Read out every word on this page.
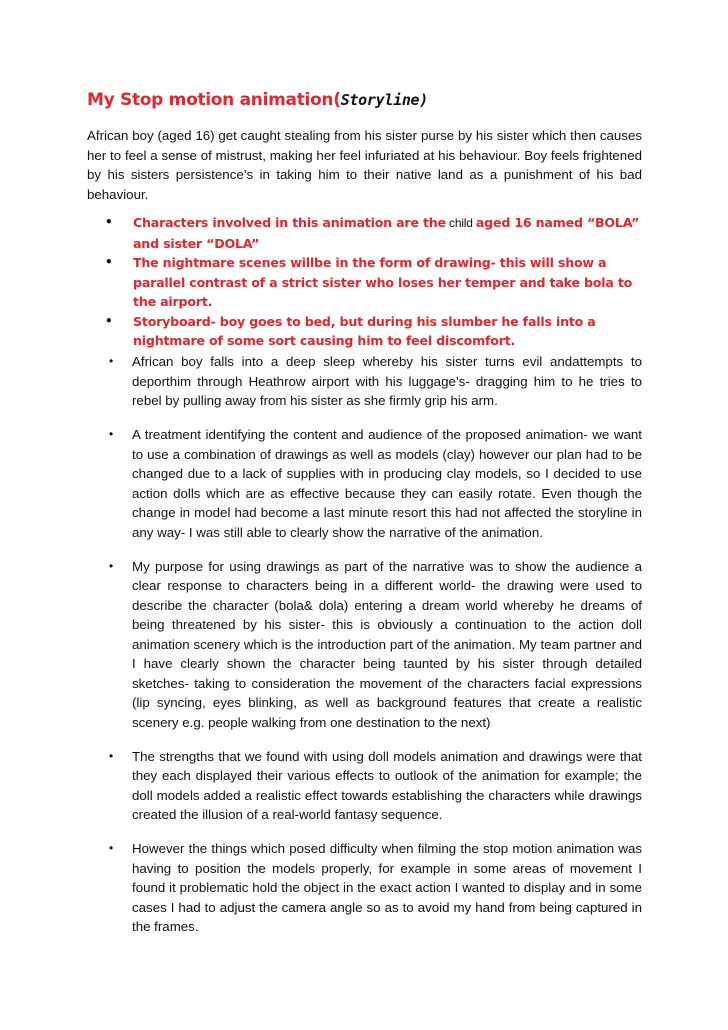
My Stop motion animation(Storyline)

African boy (aged 16) get caught stealing from his sister purse by his sister which then causes her to feel a sense of mistrust, making her feel infuriated at his behaviour. Boy feels frightened by his sisters persistence’s in taking him to their native land as a punishment of his bad behaviour.

• Characters involved in this animation are the child aged 16 named “BOLA” and sister “DOLA”
• The nightmare scenes willbe in the form of drawing- this will show a parallel contrast of a strict sister who loses her temper and take bola to the airport.
• Storyboard- boy goes to bed, but during his slumber he falls into a nightmare of some sort causing him to feel discomfort.
• African boy falls into a deep sleep whereby his sister turns evil andattempts to deporthim through Heathrow airport with his luggage’s- dragging him to he tries to rebel by pulling away from his sister as she firmly grip his arm.
• A treatment identifying the content and audience of the proposed animation- we want to use a combination of drawings as well as models (clay) however our plan had to be changed due to a lack of supplies with in producing clay models, so I decided to use action dolls which are as effective because they can easily rotate. Even though the change in model had become a last minute resort this had not affected the storyline in any way- I was still able to clearly show the narrative of the animation.
• My purpose for using drawings as part of the narrative was to show the audience a clear response to characters being in a different world- the drawing were used to describe the character (bola& dola) entering a dream world whereby he dreams of being threatened by his sister- this is obviously a continuation to the action doll animation scenery which is the introduction part of the animation. My team partner and I have clearly shown the character being taunted by his sister through detailed sketches- taking to consideration the movement of the characters facial expressions (lip syncing, eyes blinking, as well as background features that create a realistic scenery e.g. people walking from one destination to the next)
• The strengths that we found with using doll models animation and drawings were that they each displayed their various effects to outlook of the animation for example; the doll models added a realistic effect towards establishing the characters while drawings created the illusion of a real-world fantasy sequence.
• However the things which posed difficulty when filming the stop motion animation was having to position the models properly, for example in some areas of movement I found it problematic hold the object in the exact action I wanted to display and in some cases I had to adjust the camera angle so as to avoid my hand from being captured in the frames.
